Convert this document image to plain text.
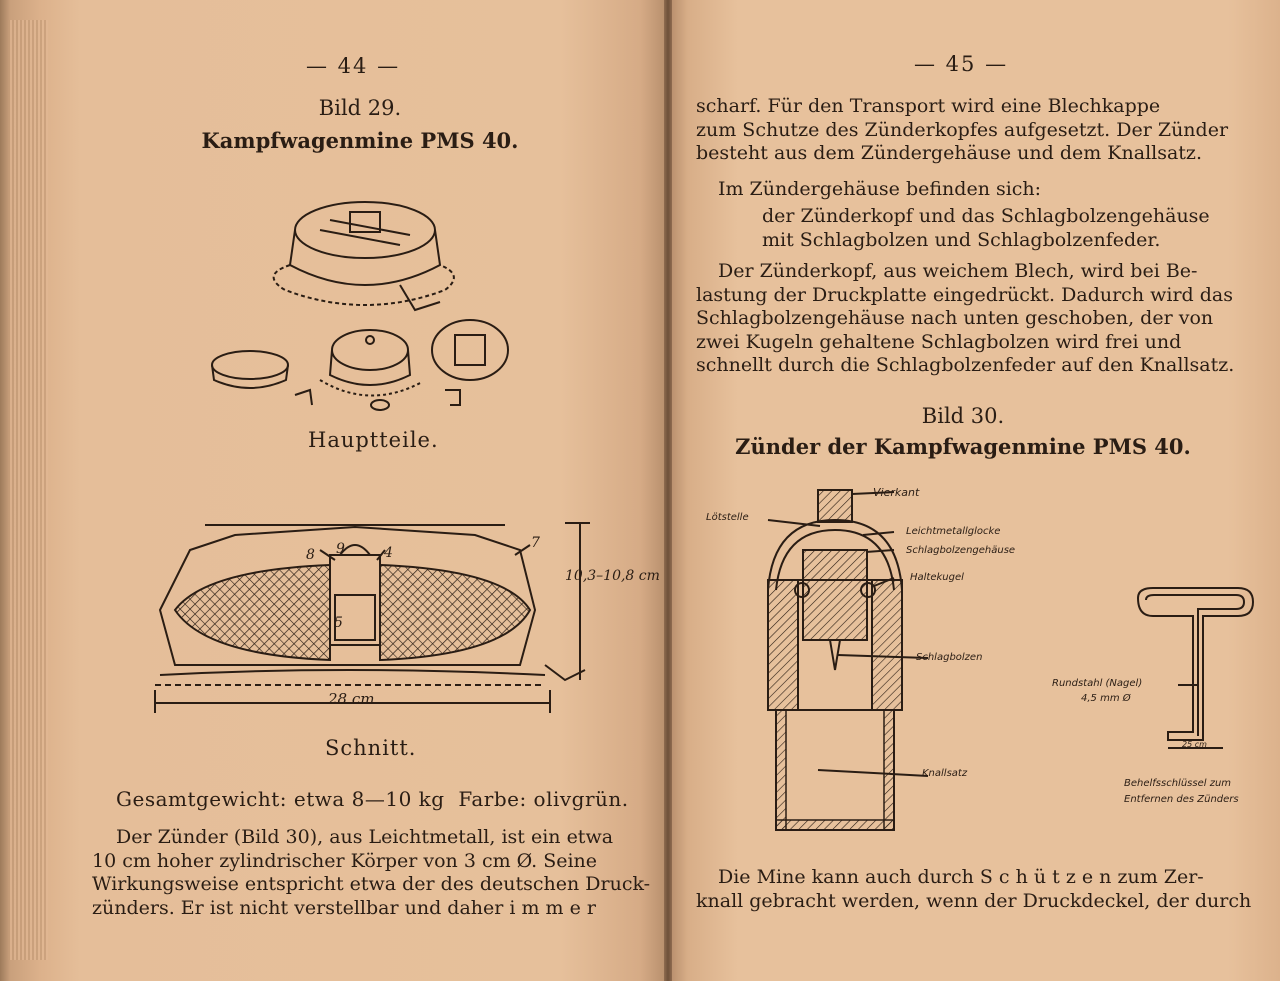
— 44 —
Bild 29.
Kampfwagenmine PMS 40.
Hauptteile.
8 9	4
7
5
10,3–10,8 cm
28 cm
Schnitt.
Gesamtgewicht: etwa 8—10 kg  Farbe: olivgrün.
Der Zünder (Bild 30), aus Leichtmetall, ist ein etwa
10 cm hoher zylindrischer Körper von 3 cm Ø. Seine
Wirkungsweise entspricht etwa der des deutschen Druck-
zünders. Er ist nicht verstellbar und daher i m m e r
— 45 —
scharf. Für den Transport wird eine Blechkappe
zum Schutze des Zünderkopfes aufgesetzt. Der Zünder
besteht aus dem Zündergehäuse und dem Knallsatz.
Im Zündergehäuse befinden sich:
der Zünderkopf und das Schlagbolzengehäuse
mit Schlagbolzen und Schlagbolzenfeder.
Der Zünderkopf, aus weichem Blech, wird bei Be-
lastung der Druckplatte eingedrückt. Dadurch wird das
Schlagbolzengehäuse nach unten geschoben, der von
zwei Kugeln gehaltene Schlagbolzen wird frei und
schnellt durch die Schlagbolzenfeder auf den Knallsatz.
Bild 30.
Zünder der Kampfwagenmine PMS 40.
Lötstelle
Vierkant
Leichtmetallglocke
Schlagbolzengehäuse
Haltekugel
Schlagbolzen
Knallsatz
Rundstahl (Nagel)
4,5 mm Ø
25 cm
Behelfsschlüssel zum
Entfernen des Zünders
Die Mine kann auch durch S c h ü t z e n zum Zer-
knall gebracht werden, wenn der Druckdeckel, der durch
